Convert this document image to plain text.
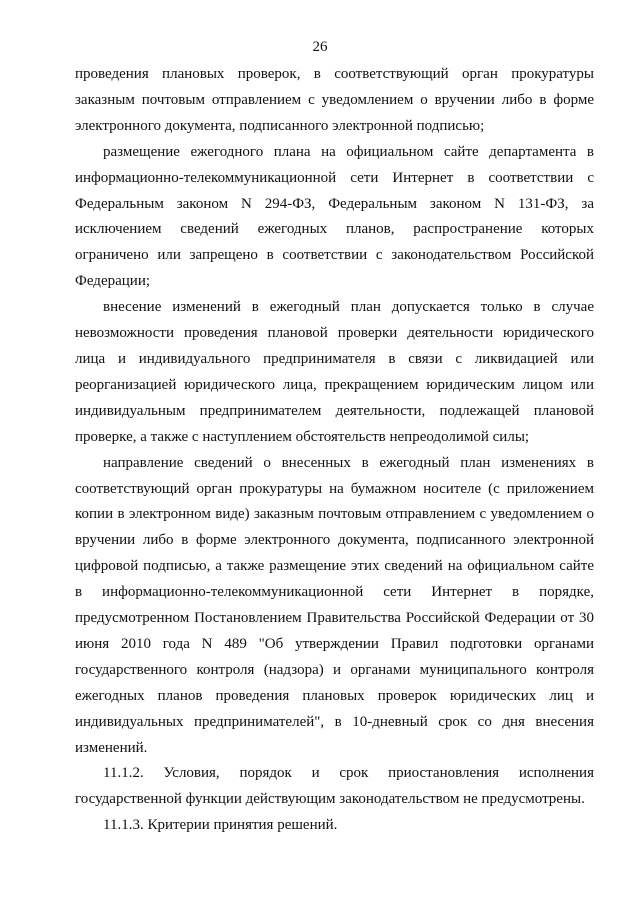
26

проведения плановых проверок, в соответствующий орган прокуратуры заказным почтовым отправлением с уведомлением о вручении либо в форме электронного документа, подписанного электронной подписью;

размещение ежегодного плана на официальном сайте департамента в информационно-телекоммуникационной сети Интернет в соответствии с Федеральным законом N 294-ФЗ, Федеральным законом N 131-ФЗ, за исключением сведений ежегодных планов, распространение которых ограничено или запрещено в соответствии с законодательством Российской Федерации;

внесение изменений в ежегодный план допускается только в случае невозможности проведения плановой проверки деятельности юридического лица и индивидуального предпринимателя в связи с ликвидацией или реорганизацией юридического лица, прекращением юридическим лицом или индивидуальным предпринимателем деятельности, подлежащей плановой проверке, а также с наступлением обстоятельств непреодолимой силы;

направление сведений о внесенных в ежегодный план изменениях в соответствующий орган прокуратуры на бумажном носителе (с приложением копии в электронном виде) заказным почтовым отправлением с уведомлением о вручении либо в форме электронного документа, подписанного электронной цифровой подписью, а также размещение этих сведений на официальном сайте в информационно-телекоммуникационной сети Интернет в порядке, предусмотренном Постановлением Правительства Российской Федерации от 30 июня 2010 года N 489 "Об утверждении Правил подготовки органами государственного контроля (надзора) и органами муниципального контроля ежегодных планов проведения плановых проверок юридических лиц и индивидуальных предпринимателей", в 10-дневный срок со дня внесения изменений.

11.1.2. Условия, порядок и срок приостановления исполнения государственной функции действующим законодательством не предусмотрены.

11.1.3. Критерии принятия решений.
